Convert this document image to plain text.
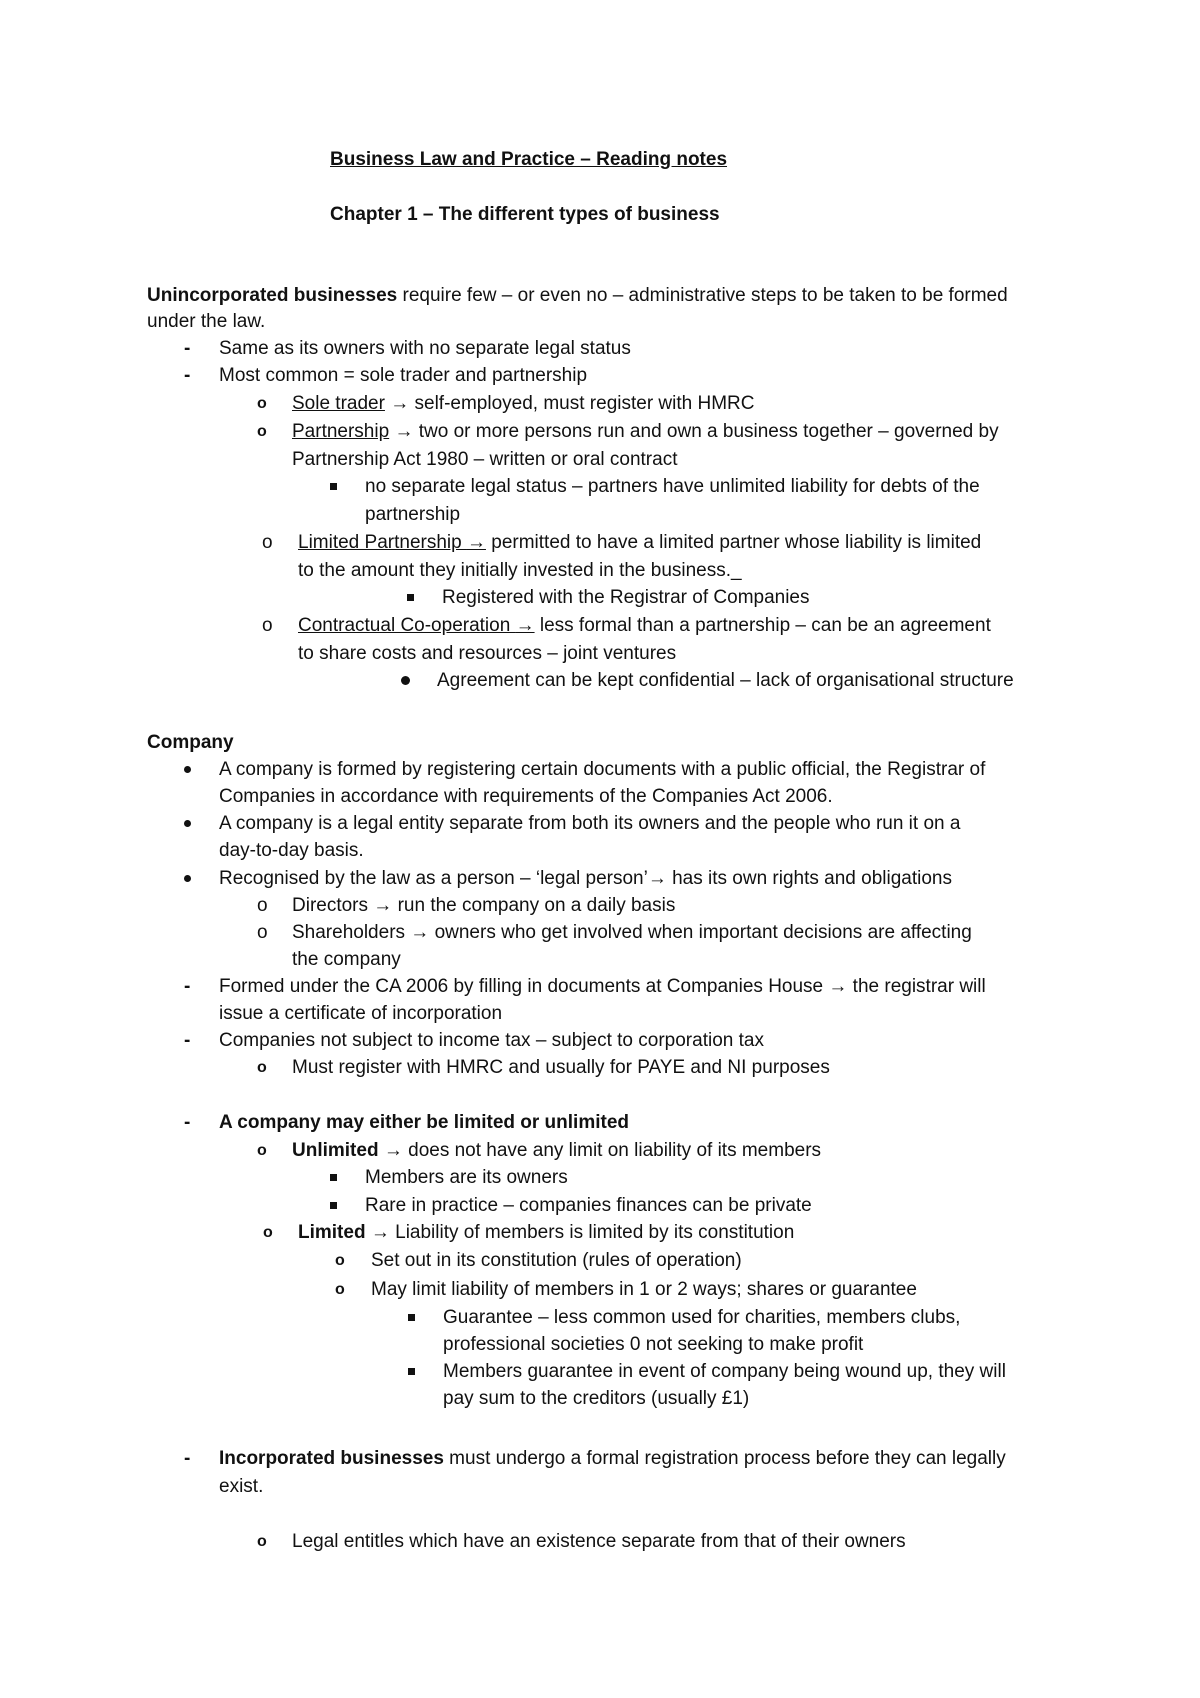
Business Law and Practice – Reading notes
Chapter 1 – The different types of business
Unincorporated businesses require few – or even no – administrative steps to be taken to be formed
under the law.
- Same as its owners with no separate legal status
- Most common = sole trader and partnership
o Sole trader → self-employed, must register with HMRC
o Partnership → two or more persons run and own a business together – governed by
Partnership Act 1980 – written or oral contract
no separate legal status – partners have unlimited liability for debts of the
partnership
o Limited Partnership → permitted to have a limited partner whose liability is limited
to the amount they initially invested in the business._
Registered with the Registrar of Companies
o Contractual Co-operation → less formal than a partnership – can be an agreement
to share costs and resources – joint ventures
Agreement can be kept confidential – lack of organisational structure
Company
A company is formed by registering certain documents with a public official, the Registrar of
Companies in accordance with requirements of the Companies Act 2006.
A company is a legal entity separate from both its owners and the people who run it on a
day-to-day basis.
Recognised by the law as a person – ‘legal person’→ has its own rights and obligations
o Directors → run the company on a daily basis
o Shareholders → owners who get involved when important decisions are affecting
the company
- Formed under the CA 2006 by filling in documents at Companies House → the registrar will
issue a certificate of incorporation
- Companies not subject to income tax – subject to corporation tax
o Must register with HMRC and usually for PAYE and NI purposes
- A company may either be limited or unlimited
o Unlimited → does not have any limit on liability of its members
Members are its owners
Rare in practice – companies finances can be private
o Limited → Liability of members is limited by its constitution
o Set out in its constitution (rules of operation)
o May limit liability of members in 1 or 2 ways; shares or guarantee
Guarantee – less common used for charities, members clubs,
professional societies 0 not seeking to make profit
Members guarantee in event of company being wound up, they will
pay sum to the creditors (usually £1)
- Incorporated businesses must undergo a formal registration process before they can legally
exist.
o Legal entitles which have an existence separate from that of their owners
